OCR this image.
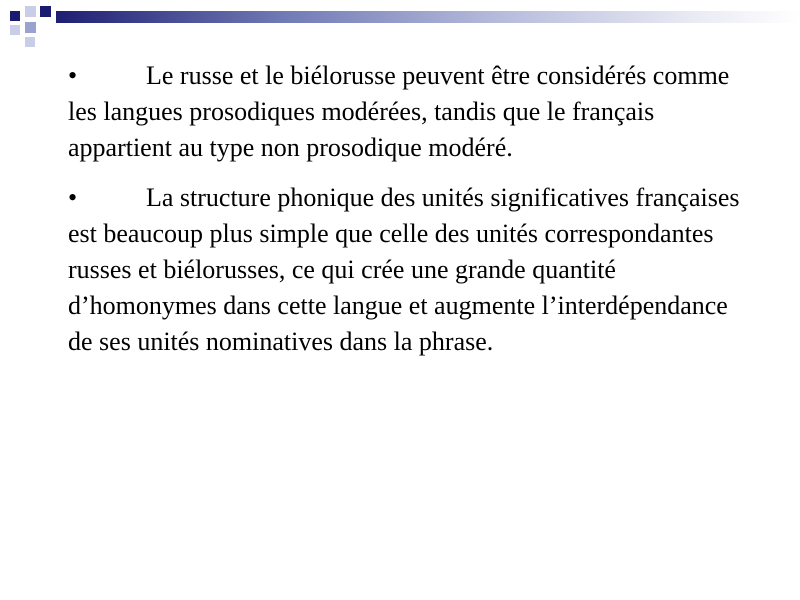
•	Le russe et le biélorusse peuvent être considérés comme les langues prosodiques modérées, tandis que le français appartient au type non prosodique modéré.

•	La structure phonique des unités significatives françaises est beaucoup plus simple que celle des unités correspondantes russes et biélorusses, ce qui crée une grande quantité d’homonymes dans cette langue et augmente l’interdépendance de ses unités nominatives dans la phrase.
